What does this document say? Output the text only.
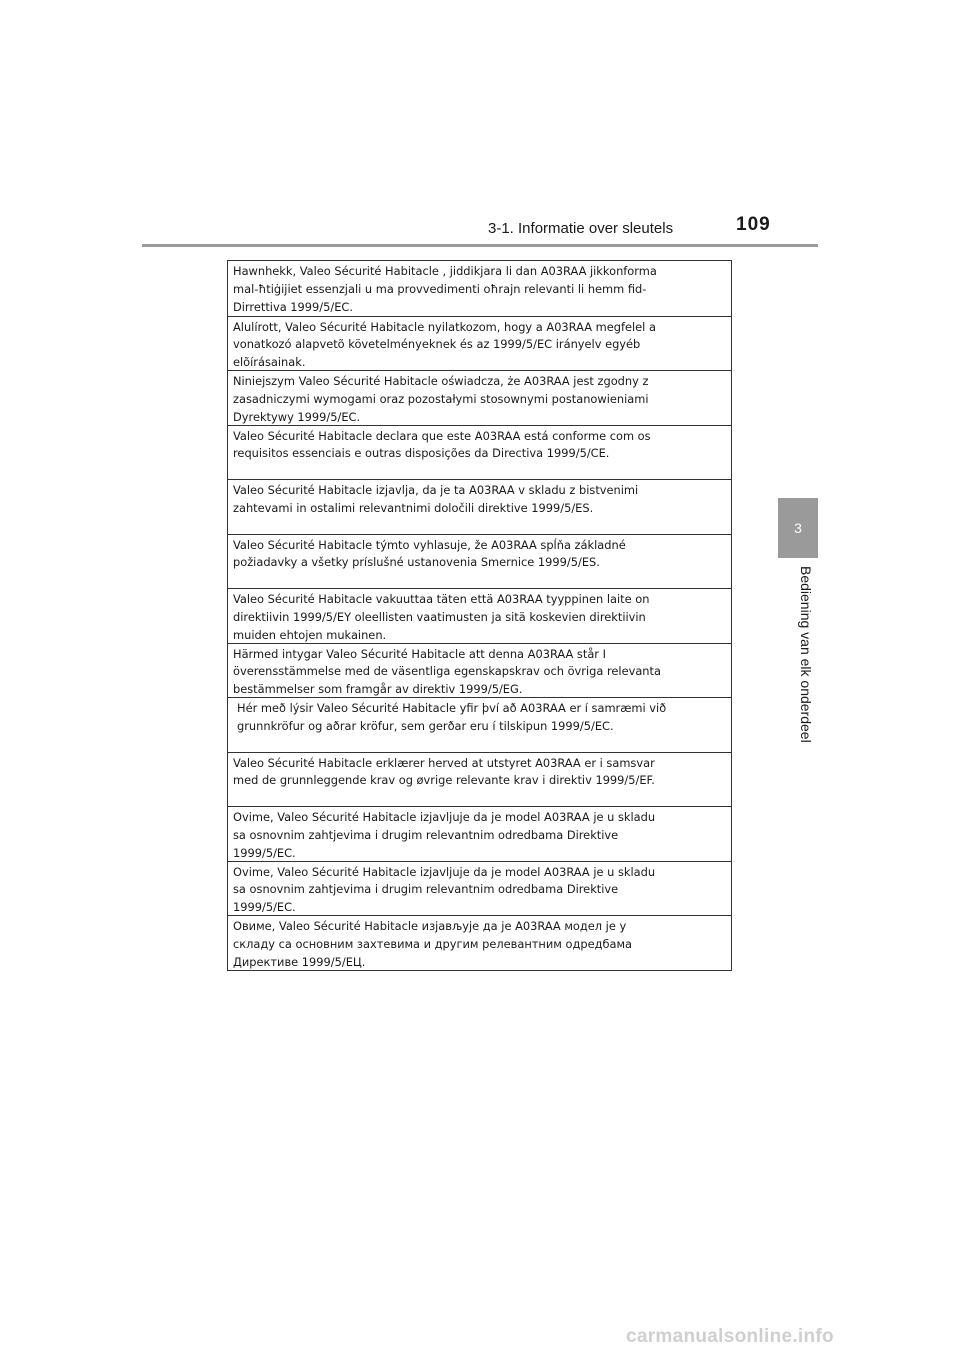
3-1. Informatie over sleutels	109
3
Bediening van elk onderdeel
Hawnhekk, Valeo Sécurité Habitacle , jiddikjara li dan A03RAA jikkonforma
mal-ħtiġijiet essenzjali u ma provvedimenti oħrajn relevanti li hemm fid-
Dirrettiva 1999/5/EC.
Alulírott, Valeo Sécurité Habitacle nyilatkozom, hogy a A03RAA megfelel a
vonatkozó alapvetõ követelményeknek és az 1999/5/EC irányelv egyéb
elõírásainak.
Niniejszym Valeo Sécurité Habitacle oświadcza, że A03RAA jest zgodny z
zasadniczymi wymogami oraz pozostałymi stosownymi postanowieniami
Dyrektywy 1999/5/EC.
Valeo Sécurité Habitacle declara que este A03RAA está conforme com os
requisitos essenciais e outras disposições da Directiva 1999/5/CE.
Valeo Sécurité Habitacle izjavlja, da je ta A03RAA v skladu z bistvenimi
zahtevami in ostalimi relevantnimi določili direktive 1999/5/ES.
Valeo Sécurité Habitacle týmto vyhlasuje, že A03RAA spĺňa základné
požiadavky a všetky príslušné ustanovenia Smernice 1999/5/ES.
Valeo Sécurité Habitacle vakuuttaa täten että A03RAA tyyppinen laite on
direktiivin 1999/5/EY oleellisten vaatimusten ja sitä koskevien direktiivin
muiden ehtojen mukainen.
Härmed intygar Valeo Sécurité Habitacle att denna A03RAA står I
överensstämmelse med de väsentliga egenskapskrav och övriga relevanta
bestämmelser som framgår av direktiv 1999/5/EG.
Hér með lýsir Valeo Sécurité Habitacle yfir því að A03RAA er í samræmi við
grunnkröfur og aðrar kröfur, sem gerðar eru í tilskipun 1999/5/EC.
Valeo Sécurité Habitacle erklærer herved at utstyret A03RAA er i samsvar
med de grunnleggende krav og øvrige relevante krav i direktiv 1999/5/EF.
Ovime, Valeo Sécurité Habitacle izjavljuje da je model A03RAA je u skladu
sa osnovnim zahtjevima i drugim relevantnim odredbama Direktive
1999/5/EC.
Ovime, Valeo Sécurité Habitacle izjavljuje da je model A03RAA je u skladu
sa osnovnim zahtjevima i drugim relevantnim odredbama Direktive
1999/5/EC.
Овиме, Valeo Sécurité Habitacle изјављује да је A03RAA модел је у
складу са основним захтевима и другим релевантним одредбама
Директиве 1999/5/ЕЦ.
carmanualsonline.info
